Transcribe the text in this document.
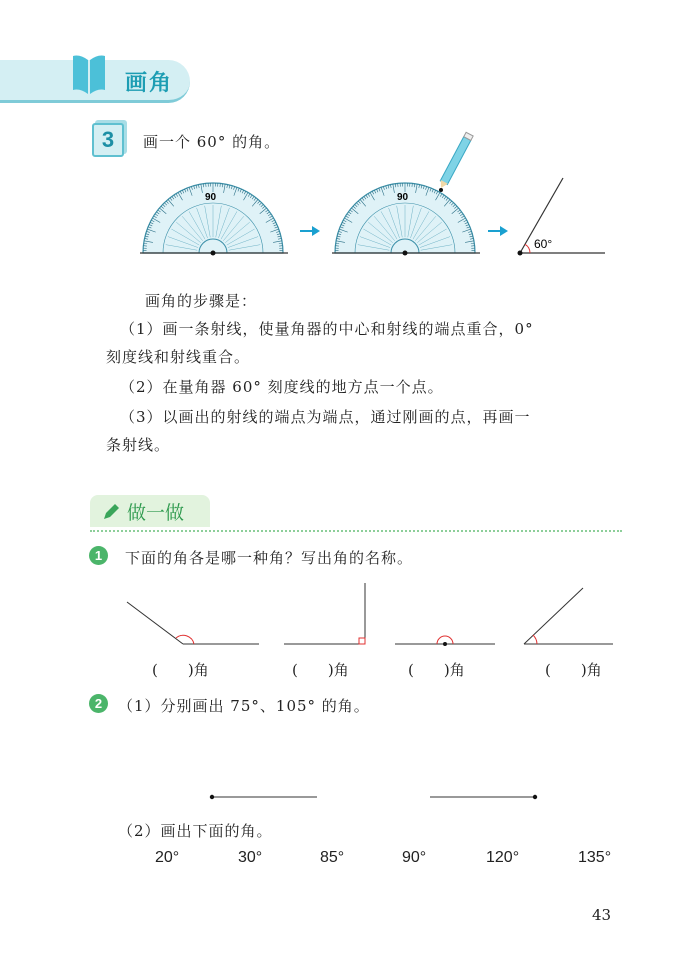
画角
3	画一个 60° 的角。
60°
90	90
画角的步骤是：
（1）画一条射线，使量角器的中心和射线的端点重合，0°
刻度线和射线重合。
（2）在量角器 60° 刻度线的地方点一个点。
（3）以画出的射线的端点为端点，通过刚画的点，再画一
条射线。
做一做
1	下面的角各是哪一种角？写出角的名称。
(　　)角	(　　)角	(　　)角	(　　)角
2	（1）分别画出 75°、105° 的角。
（2）画出下面的角。
20°	30°	85°	90°	120°	135°
43
